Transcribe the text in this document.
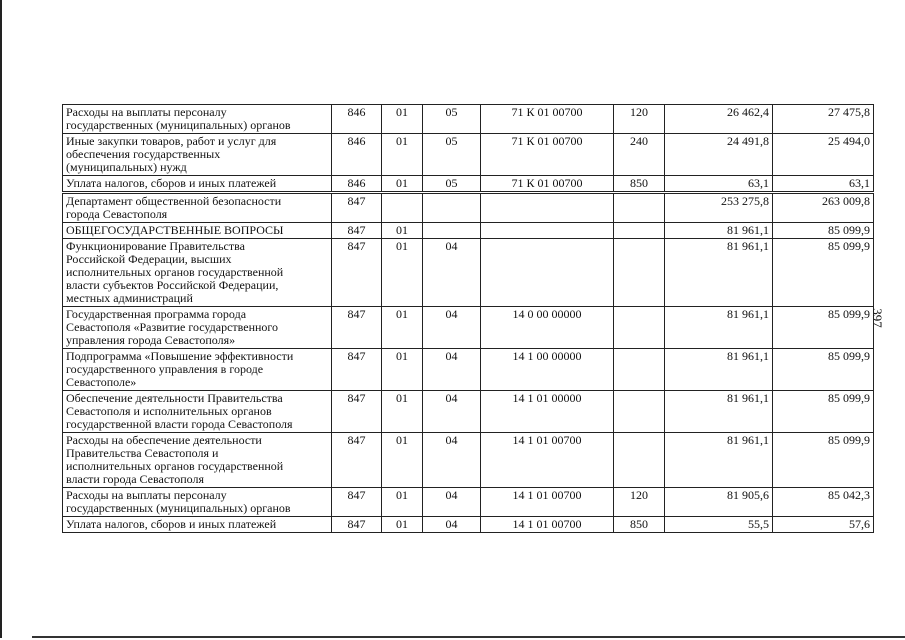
397
Расходы на выплаты персоналу
государственных (муниципальных) органов	846	01	05	71 К 01 00700	120	26 462,4	27 475,8
Иные закупки товаров, работ и услуг для
обеспечения государственных
(муниципальных) нужд	846	01	05	71 К 01 00700	240	24 491,8	25 494,0
Уплата налогов, сборов и иных платежей	846	01	05	71 К 01 00700	850	63,1	63,1
Департамент общественной безопасности
города Севастополя	847					253 275,8	263 009,8
ОБЩЕГОСУДАРСТВЕННЫЕ ВОПРОСЫ	847	01				81 961,1	85 099,9
Функционирование Правительства
Российской Федерации, высших
исполнительных органов государственной
власти субъектов Российской Федерации,
местных администраций	847	01	04			81 961,1	85 099,9
Государственная программа города
Севастополя «Развитие государственного
управления города Севастополя»	847	01	04	14 0 00 00000		81 961,1	85 099,9
Подпрограмма «Повышение эффективности
государственного управления в городе
Севастополе»	847	01	04	14 1 00 00000		81 961,1	85 099,9
Обеспечение деятельности Правительства
Севастополя и исполнительных органов
государственной власти города Севастополя	847	01	04	14 1 01 00000		81 961,1	85 099,9
Расходы на обеспечение деятельности
Правительства Севастополя и
исполнительных органов государственной
власти города Севастополя	847	01	04	14 1 01 00700		81 961,1	85 099,9
Расходы на выплаты персоналу
государственных (муниципальных) органов	847	01	04	14 1 01 00700	120	81 905,6	85 042,3
Уплата налогов, сборов и иных платежей	847	01	04	14 1 01 00700	850	55,5	57,6
